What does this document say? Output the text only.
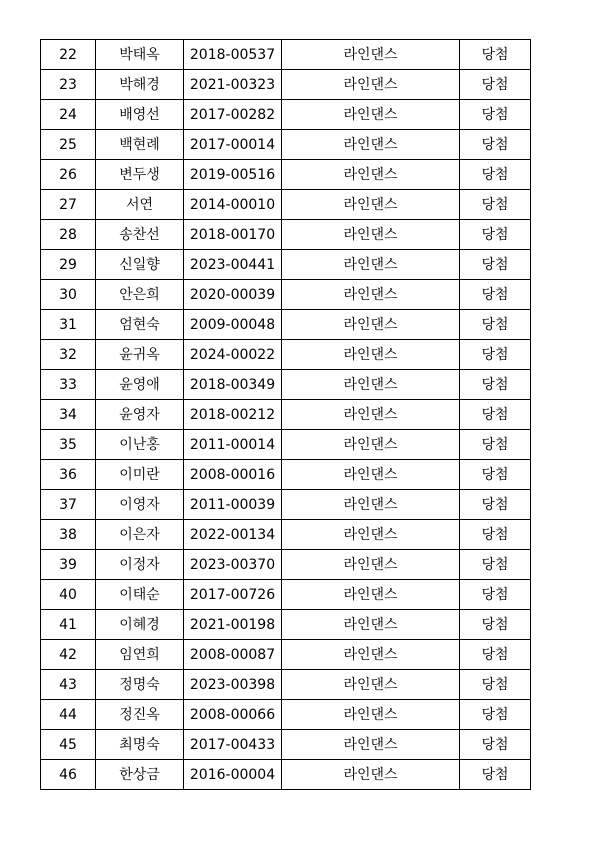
22	박태옥	2018-00537	라인댄스	당첨
23	박해경	2021-00323	라인댄스	당첨
24	배영선	2017-00282	라인댄스	당첨
25	백현례	2017-00014	라인댄스	당첨
26	변두생	2019-00516	라인댄스	당첨
27	서연	2014-00010	라인댄스	당첨
28	송찬선	2018-00170	라인댄스	당첨
29	신일향	2023-00441	라인댄스	당첨
30	안은희	2020-00039	라인댄스	당첨
31	엄현숙	2009-00048	라인댄스	당첨
32	윤귀옥	2024-00022	라인댄스	당첨
33	윤영애	2018-00349	라인댄스	당첨
34	윤영자	2018-00212	라인댄스	당첨
35	이난홍	2011-00014	라인댄스	당첨
36	이미란	2008-00016	라인댄스	당첨
37	이영자	2011-00039	라인댄스	당첨
38	이은자	2022-00134	라인댄스	당첨
39	이정자	2023-00370	라인댄스	당첨
40	이태순	2017-00726	라인댄스	당첨
41	이혜경	2021-00198	라인댄스	당첨
42	임연희	2008-00087	라인댄스	당첨
43	정명숙	2023-00398	라인댄스	당첨
44	정진옥	2008-00066	라인댄스	당첨
45	최명숙	2017-00433	라인댄스	당첨
46	한상금	2016-00004	라인댄스	당첨
